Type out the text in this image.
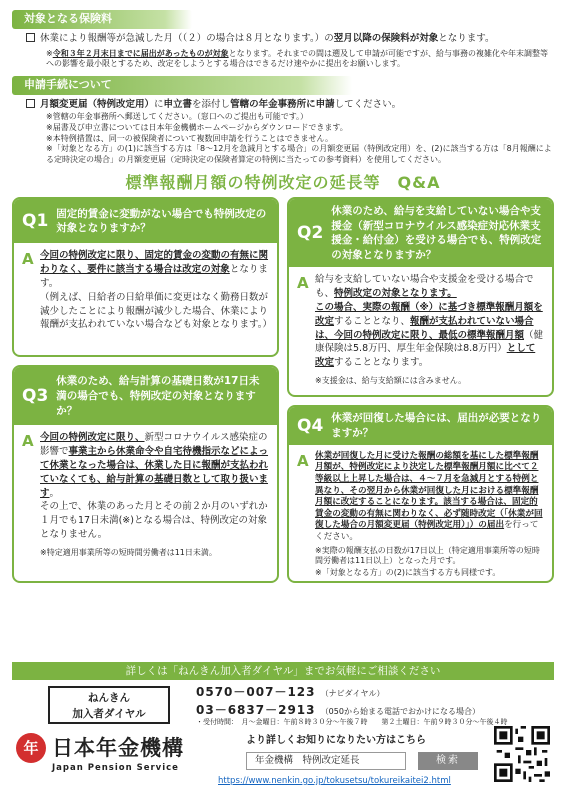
対象となる保険料
休業により報酬等が急減した月（（２）の場合は８月となります。）の翌月以降の保険料が対象となります。
※令和３年２月末日までに届出があったものが対象となります。それまでの間は遡及して申請が可能ですが、給与事務の複雑化や年末調整等への影響を最小限とするため、改定をしようとする場合はできるだけ速やかに提出をお願いします。
申請手続について
月額変更届（特例改定用）に申立書を添付し管轄の年金事務所に申請してください。
※管轄の年金事務所へ郵送してください。（窓口へのご提出も可能です。）
※届書及び申立書については日本年金機構ホームページからダウンロードできます。
※本特例措置は、同一の被保険者について複数回申請を行うことはできません。
※「対象となる方」の(1)に該当する方は「8～12月を急減月とする場合」の月額変更届（特例改定用）を、(2)に該当する方は「8月報酬による定時決定の場合」の月額変更届（定時決定の保険者算定の特例に当たっての参考資料）を使用してください。
標準報酬月額の特例改定の延長等　Q&A
Q1 固定的賃金に変動がない場合でも特例改定の対象となりますか？
A 今回の特例改定に限り、固定的賃金の変動の有無に関わりなく、要件に該当する場合は改定の対象となります。
（例えば、日給者の日給単価に変更はなく勤務日数が減少したことにより報酬が減少した場合、休業により報酬が支払われていない場合なども対象となります。）
Q3
休業のため、給与計算の基礎日数が17日未満の場合でも、特例改定の対象となりますか？
A 今回の特例改定に限り、新型コロナウイルス感染症の影響で事業主から休業命令や自宅待機指示などによって休業となった場合は、休業した日に報酬が支払われていなくても、給与計算の基礎日数として取り扱います。
その上で、休業のあった月とその前２か月のいずれか１月でも17日未満(※)となる場合は、特例改定の対象となりません。
※特定適用事業所等の短時間労働者は11日未満。
Q2
休業のため、給与を支給していない場合や支援金（新型コロナウイルス感染症対応休業支援金・給付金）を受ける場合でも、特例改定の対象となりますか？
A 給与を支給していない場合や支援金を受ける場合でも、特例改定の対象となります。
この場合、実際の報酬（※）に基づき標準報酬月額を改定することとなり、報酬が支払われていない場合は、今回の特例改定に限り、最低の標準報酬月額（健康保険は5.8万円、厚生年金保険は8.8万円）として改定することとなります。
※支援金は、給与支給額には含みません。
Q4 休業が回復した場合には、届出が必要となりますか？
A 休業が回復した月に受けた報酬の総額を基にした標準報酬月額が、特例改定により決定した標準報酬月額に比べて２等級以上上昇した場合は、４～７月を急減月とする特例と異なり、その翌月から休業が回復した月における標準報酬月額に改定することになります。該当する場合は、固定的賃金の変動の有無に関わりなく、必ず随時改定（「休業が回復した場合の月額変更届（特例改定用）」）の届出を行ってください。
※実際の報酬支払の日数が17日以上（特定適用事業所等の短時間労働者は11日以上）となった月です。
※「対象となる方」の(2)に該当する方も同様です。
詳しくは「ねんきん加入者ダイヤル」までお気軽にご相談ください
ねんきん
加入者ダイヤル
0570－007－123 （ナビダイヤル）
03－6837－2913 （050から始まる電話でおかけになる場合）
・受付時間：　月～金曜日：午前８時３０分～午後７時　　第２土曜日：午前９時３０分～午後４時
年 日本年金機構
Japan Pension Service
より詳しくお知りになりたい方はこちら
年金機構　特例改定延長	検索
https://www.nenkin.go.jp/tokusetsu/tokureikaitei2.html
